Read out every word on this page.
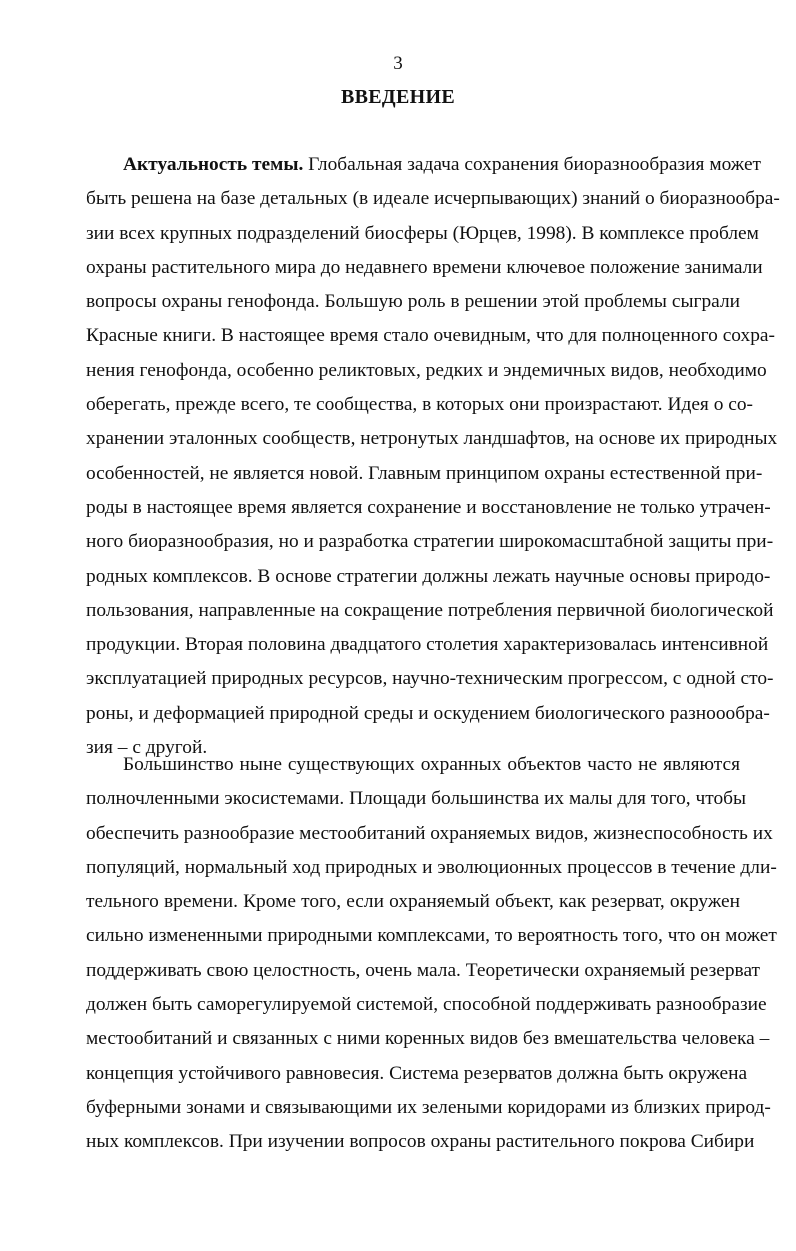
3
ВВЕДЕНИЕ
Актуальность темы. Глобальная задача сохранения биоразнообразия может
быть решена на базе детальных (в идеале исчерпывающих) знаний о биоразнообра-
зии всех крупных подразделений биосферы (Юрцев, 1998). В комплексе проблем
охраны растительного мира до недавнего времени ключевое положение занимали
вопросы охраны генофонда. Большую роль в решении этой проблемы сыграли
Красные книги. В настоящее время стало очевидным, что для полноценного сохра-
нения генофонда, особенно реликтовых, редких и эндемичных видов, необходимо
оберегать, прежде всего, те сообщества, в которых они произрастают. Идея о со-
хранении эталонных сообществ, нетронутых ландшафтов, на основе их природных
особенностей, не является новой. Главным принципом охраны естественной при-
роды в настоящее время является сохранение и восстановление не только утрачен-
ного биоразнообразия, но и разработка стратегии широкомасштабной защиты при-
родных комплексов. В основе стратегии должны лежать научные основы природо-
пользования, направленные на сокращение потребления первичной биологической
продукции. Вторая половина двадцатого столетия характеризовалась интенсивной
эксплуатацией природных ресурсов, научно-техническим прогрессом, с одной сто-
роны, и деформацией природной среды и оскудением биологического разноообра-
зия – с другой.
Большинство ныне существующих охранных объектов часто не являются
полночленными экосистемами. Площади большинства их малы для того, чтобы
обеспечить разнообразие местообитаний охраняемых видов, жизнеспособность их
популяций, нормальный ход природных и эволюционных процессов в течение дли-
тельного времени. Кроме того, если охраняемый объект, как резерват, окружен
сильно измененными природными комплексами, то вероятность того, что он может
поддерживать свою целостность, очень мала. Теоретически охраняемый резерват
должен быть саморегулируемой системой, способной поддерживать разнообразие
местообитаний и связанных с ними коренных видов без вмешательства человека –
концепция устойчивого равновесия. Система резерватов должна быть окружена
буферными зонами и связывающими их зелеными коридорами из близких природ-
ных комплексов. При изучении вопросов охраны растительного покрова Сибири
